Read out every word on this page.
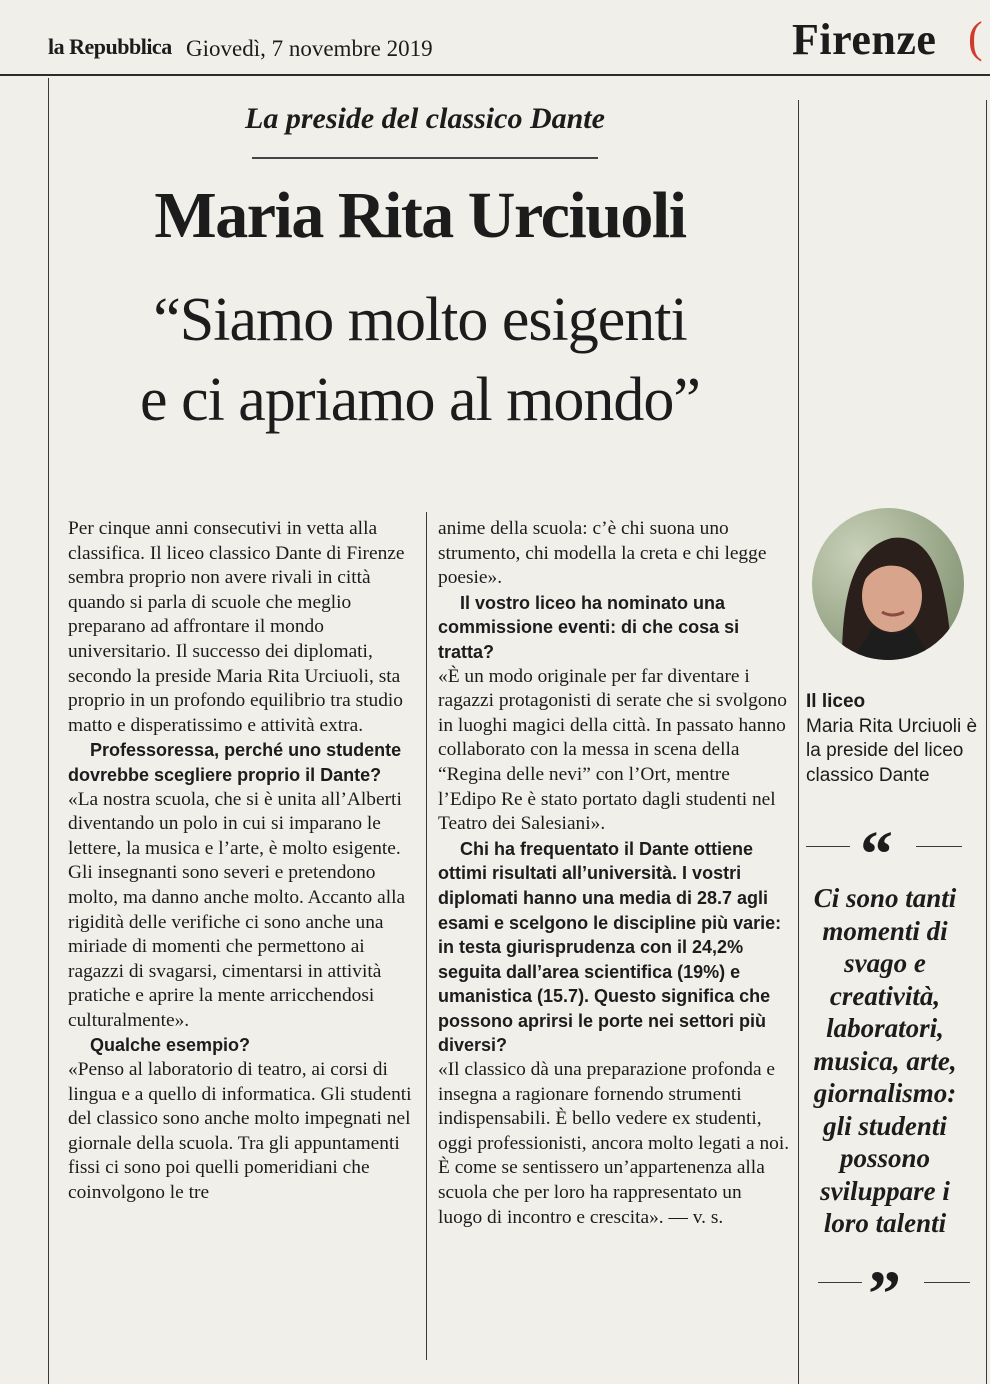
la Repubblica Giovedì, 7 novembre 2019	Firenze (
La preside del classico Dante
Maria Rita Urciuoli
“Siamo molto esigenti
e ci apriamo al mondo”

Per cinque anni consecutivi in vetta alla classifica. Il liceo classico Dante di Firenze sembra proprio non avere rivali in città quando si parla di scuole che meglio preparano ad affrontare il mondo universitario. Il successo dei diplomati, secondo la preside Maria Rita Urciuoli, sta proprio in un profondo equilibrio tra studio matto e disperatissimo e attività extra.

Professoressa, perché uno studente dovrebbe scegliere proprio il Dante?

«La nostra scuola, che si è unita all’Alberti diventando un polo in cui si imparano le lettere, la musica e l’arte, è molto esigente. Gli insegnanti sono severi e pretendono molto, ma danno anche molto. Accanto alla rigidità delle verifiche ci sono anche una miriade di momenti che permettono ai ragazzi di svagarsi, cimentarsi in attività pratiche e aprire la mente arricchendosi culturalmente».

Qualche esempio?

«Penso al laboratorio di teatro, ai corsi di lingua e a quello di informatica. Gli studenti del classico sono anche molto impegnati nel giornale della scuola. Tra gli appuntamenti fissi ci sono poi quelli pomeridiani che coinvolgono le tre

anime della scuola: c’è chi suona uno strumento, chi modella la creta e chi legge poesie».

Il vostro liceo ha nominato una commissione eventi: di che cosa si tratta?

«È un modo originale per far diventare i ragazzi protagonisti di serate che si svolgono in luoghi magici della città. In passato hanno collaborato con la messa in scena della “Regina delle nevi” con l’Ort, mentre l’Edipo Re è stato portato dagli studenti nel Teatro dei Salesiani».

Chi ha frequentato il Dante ottiene ottimi risultati all’università. I vostri diplomati hanno una media di 28.7 agli esami e scelgono le discipline più varie: in testa giurisprudenza con il 24,2% seguita dall’area scientifica (19%) e umanistica (15.7). Questo significa che possono aprirsi le porte nei settori più diversi?

«Il classico dà una preparazione profonda e insegna a ragionare fornendo strumenti indispensabili. È bello vedere ex studenti, oggi professionisti, ancora molto legati a noi. È come se sentissero un’appartenenza alla scuola che per loro ha rappresentato un luogo di incontro e crescita». — v. s.

Il liceo
Maria Rita Urciuoli è la preside del liceo classico Dante
“
Ci sono tanti momenti di svago e creatività, laboratori, musica, arte, giornalismo: gli studenti possono sviluppare i loro talenti
”
